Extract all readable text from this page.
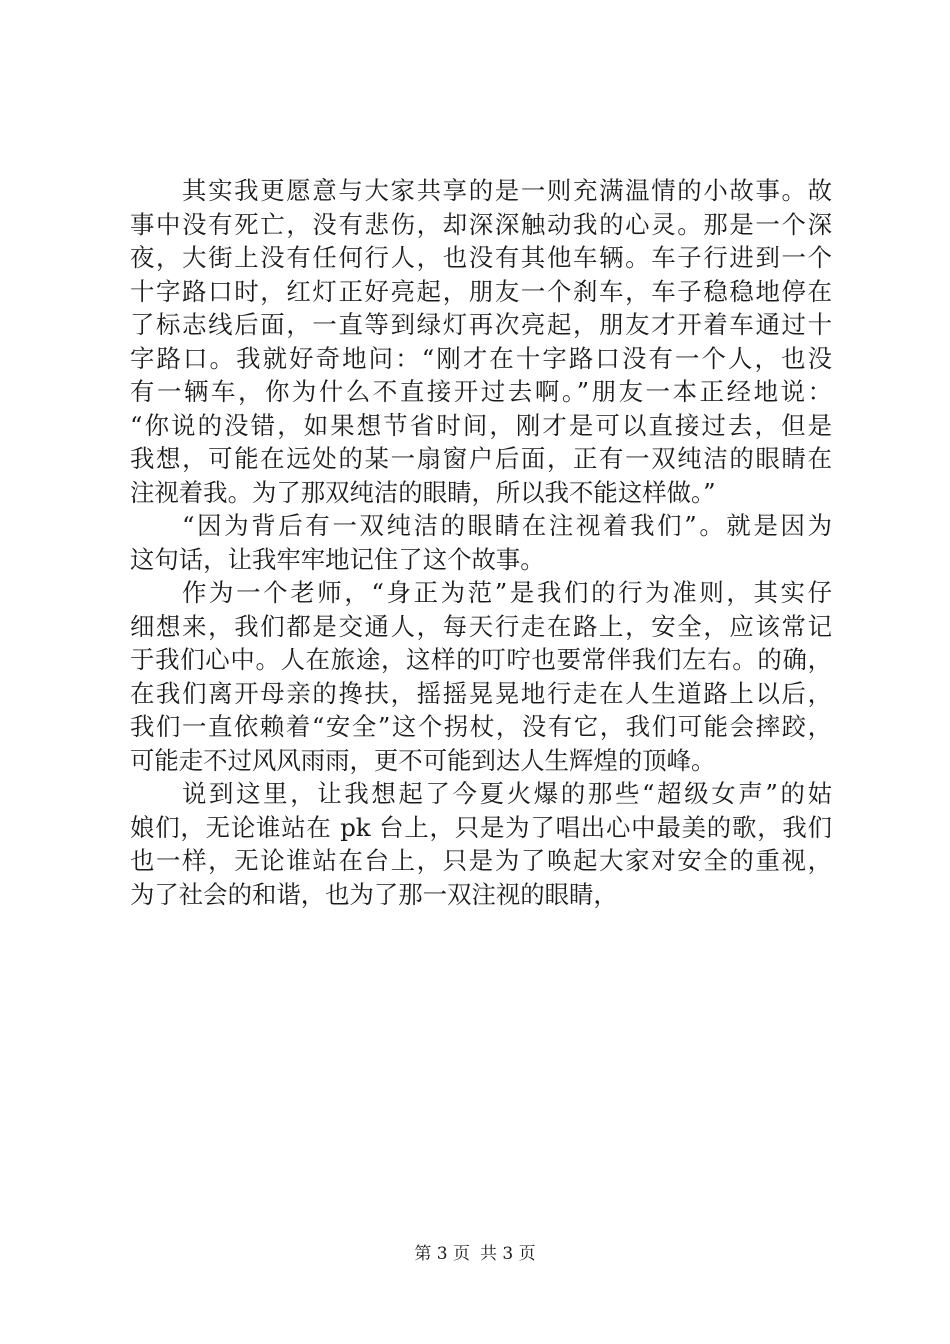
其实我更愿意与大家共享的是一则充满温情的小故事。故
事中没有死亡，没有悲伤，却深深触动我的心灵。那是一个深
夜，大街上没有任何行人，也没有其他车辆。车子行进到一个
十字路口时，红灯正好亮起，朋友一个刹车，车子稳稳地停在
了标志线后面，一直等到绿灯再次亮起，朋友才开着车通过十
字路口。我就好奇地问：“刚才在十字路口没有一个人，也没
有一辆车，你为什么不直接开过去啊。”朋友一本正经地说：
“你说的没错，如果想节省时间，刚才是可以直接过去，但是
我想，可能在远处的某一扇窗户后面，正有一双纯洁的眼睛在
注视着我。为了那双纯洁的眼睛，所以我不能这样做。”
“因为背后有一双纯洁的眼睛在注视着我们”。就是因为
这句话，让我牢牢地记住了这个故事。
作为一个老师，“身正为范”是我们的行为准则，其实仔
细想来，我们都是交通人，每天行走在路上，安全，应该常记
于我们心中。人在旅途，这样的叮咛也要常伴我们左右。的确，
在我们离开母亲的搀扶，摇摇晃晃地行走在人生道路上以后，
我们一直依赖着“安全”这个拐杖，没有它，我们可能会摔跤，
可能走不过风风雨雨，更不可能到达人生辉煌的顶峰。
说到这里，让我想起了今夏火爆的那些“超级女声”的姑
娘们，无论谁站在 pk 台上，只是为了唱出心中最美的歌，我们
也一样，无论谁站在台上，只是为了唤起大家对安全的重视，
为了社会的和谐，也为了那一双注视的眼睛，
第 3 页 共 3 页
